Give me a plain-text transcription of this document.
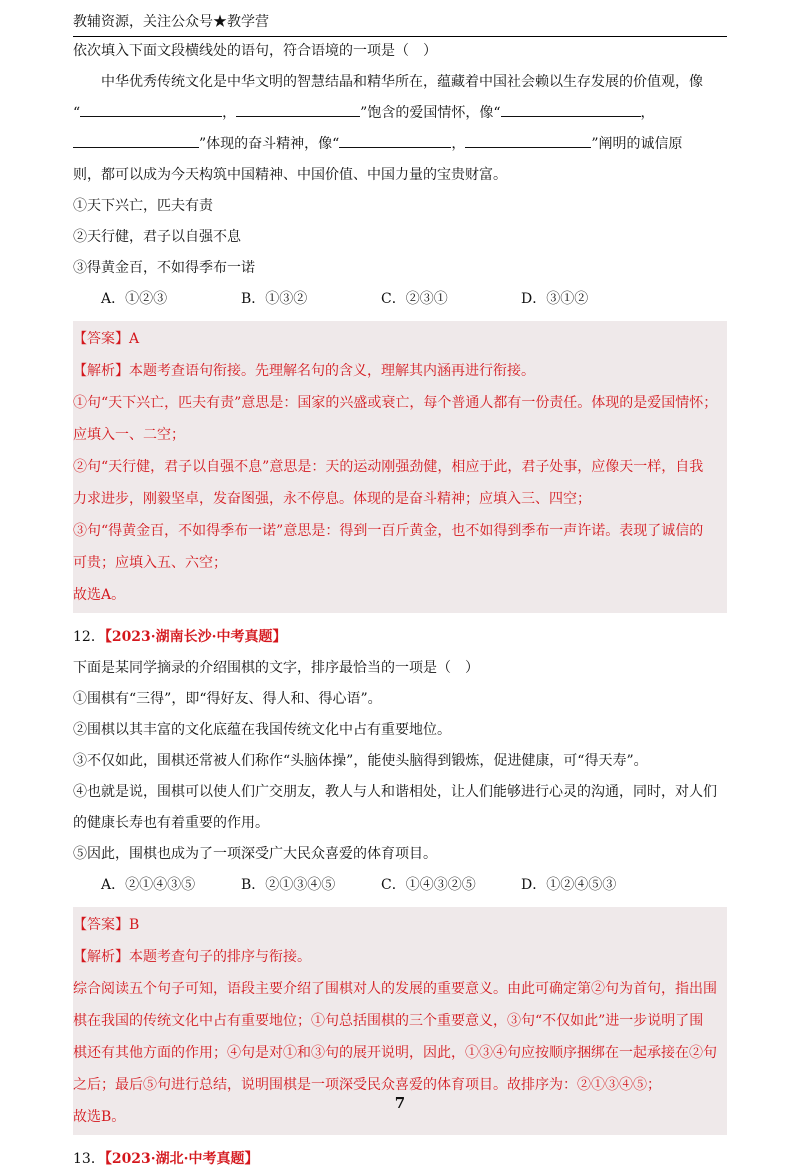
教辅资源，关注公众号★教学营
依次填入下面文段横线处的语句，符合语境的一项是（　）
中华优秀传统文化是中华文明的智慧结晶和精华所在，蕴藏着中国社会赖以生存发展的价值观，像
“	，	”饱含的爱国情怀，像“	，
”体现的奋斗精神，像“	，	”阐明的诚信原
则，都可以成为今天构筑中国精神、中国价值、中国力量的宝贵财富。
①天下兴亡，匹夫有责
②天行健，君子以自强不息
③得黄金百，不如得季布一诺
A．①②③	B．①③②	C．②③①	D．③①②
【答案】A
【解析】本题考查语句衔接。先理解名句的含义，理解其内涵再进行衔接。
①句“天下兴亡，匹夫有责”意思是：国家的兴盛或衰亡，每个普通人都有一份责任。体现的是爱国情怀；
应填入一、二空；
②句“天行健，君子以自强不息”意思是：天的运动刚强劲健，相应于此，君子处事，应像天一样，自我
力求进步，刚毅坚卓，发奋图强，永不停息。体现的是奋斗精神；应填入三、四空；
③句“得黄金百，不如得季布一诺”意思是：得到一百斤黄金，也不如得到季布一声许诺。表现了诚信的
可贵；应填入五、六空；
故选A。
12．【2023·湖南长沙·中考真题】
下面是某同学摘录的介绍围棋的文字，排序最恰当的一项是（　）
①围棋有“三得”，即“得好友、得人和、得心语”。
②围棋以其丰富的文化底蕴在我国传统文化中占有重要地位。
③不仅如此，围棋还常被人们称作“头脑体操”，能使头脑得到锻炼，促进健康，可“得天寿”。
④也就是说，围棋可以使人们广交朋友，教人与人和谐相处，让人们能够进行心灵的沟通，同时，对人们
的健康长寿也有着重要的作用。
⑤因此，围棋也成为了一项深受广大民众喜爱的体育项目。
A．②①④③⑤	B．②①③④⑤	C．①④③②⑤	D．①②④⑤③
【答案】B
【解析】本题考查句子的排序与衔接。
综合阅读五个句子可知，语段主要介绍了围棋对人的发展的重要意义。由此可确定第②句为首句，指出围
棋在我国的传统文化中占有重要地位；①句总括围棋的三个重要意义，③句“不仅如此”进一步说明了围
棋还有其他方面的作用；④句是对①和③句的展开说明，因此，①③④句应按顺序捆绑在一起承接在②句
之后；最后⑤句进行总结，说明围棋是一项深受民众喜爱的体育项目。故排序为：②①③④⑤；
故选B。
13．【2023·湖北·中考真题】
7
